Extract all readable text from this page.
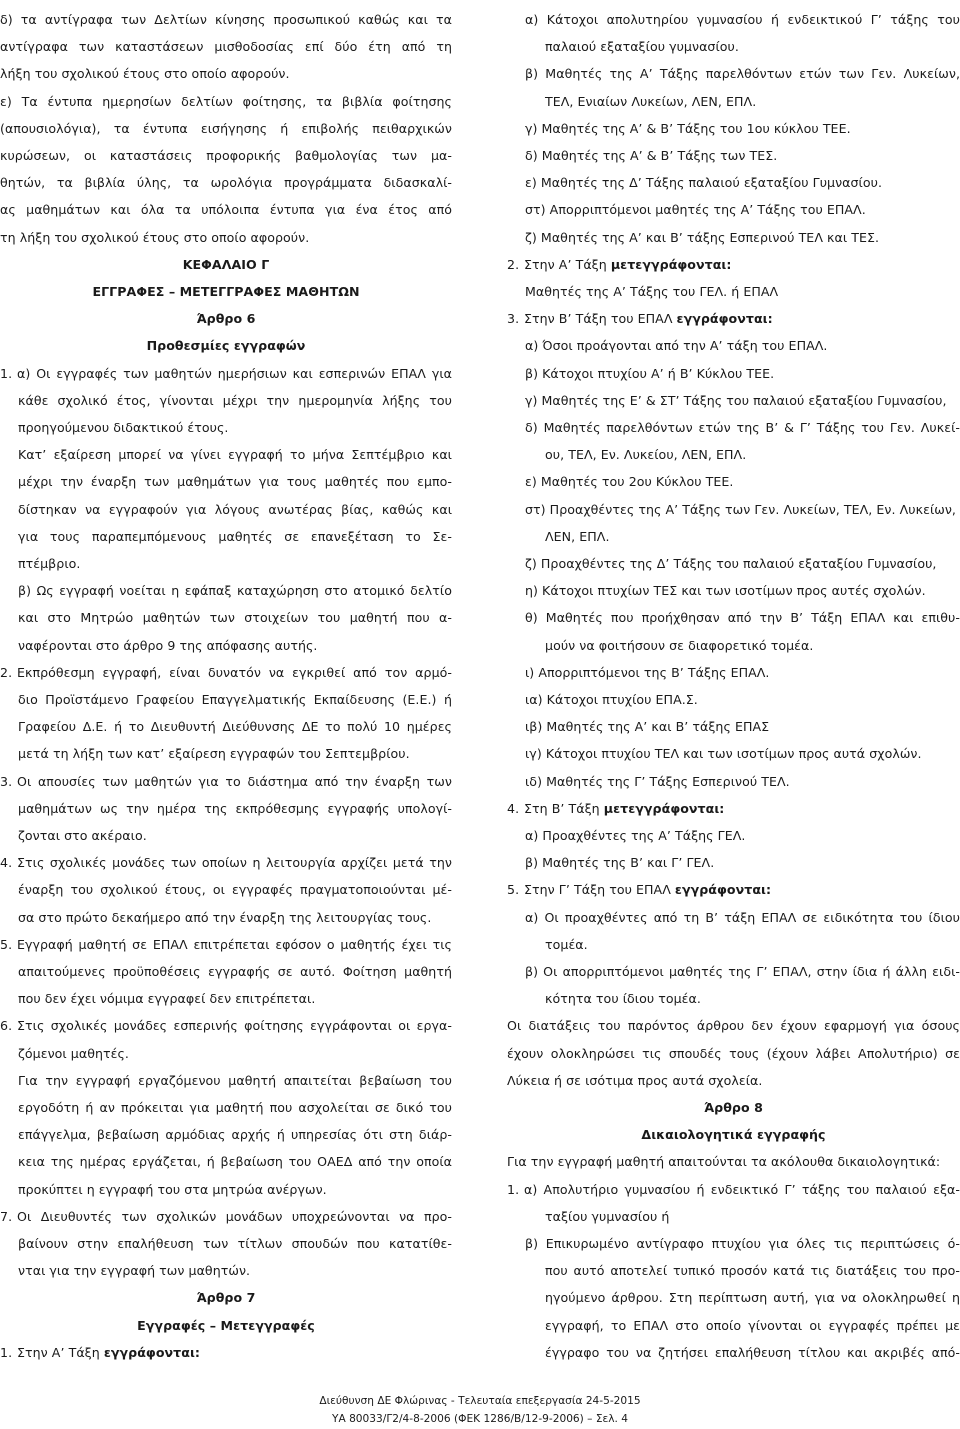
δ) τα αντίγραφα των Δελτίων κίνησης προσωπικού καθώς και τα
αντίγραφα των καταστάσεων μισθοδοσίας επί δύο έτη από τη
λήξη του σχολικού έτους στο οποίο αφορούν.
ε) Τα έντυπα ημερησίων δελτίων φοίτησης, τα βιβλία φοίτησης
(απουσιολόγια), τα έντυπα εισήγησης ή επιβολής πειθαρχικών
κυρώσεων, οι καταστάσεις προφορικής βαθμολογίας των μα-
θητών, τα βιβλία ύλης, τα ωρολόγια προγράμματα διδασκαλί-
ας μαθημάτων και όλα τα υπόλοιπα έντυπα για ένα έτος από
τη λήξη του σχολικού έτους στο οποίο αφορούν.
ΚΕΦΑΛΑΙΟ Γ
ΕΓΓΡΑΦΕΣ – ΜΕΤΕΓΓΡΑΦΕΣ ΜΑΘΗΤΩΝ
Άρθρο 6
Προθεσμίες εγγραφών
1. α) Οι εγγραφές των μαθητών ημερήσιων και εσπερινών ΕΠΑΛ για
κάθε σχολικό έτος, γίνονται μέχρι την ημερομηνία λήξης του
προηγούμενου διδακτικού έτους.
Κατ’ εξαίρεση μπορεί να γίνει εγγραφή το μήνα Σεπτέμβριο και
μέχρι την έναρξη των μαθημάτων για τους μαθητές που εμπο-
δίστηκαν να εγγραφούν για λόγους ανωτέρας βίας, καθώς και
για τους παραπεμπόμενους μαθητές σε επανεξέταση το Σε-
πτέμβριο.
β) Ως εγγραφή νοείται η εφάπαξ καταχώρηση στο ατομικό δελτίο
και στο Μητρώο μαθητών των στοιχείων του μαθητή που α-
ναφέρονται στο άρθρο 9 της απόφασης αυτής.
2. Εκπρόθεσμη εγγραφή, είναι δυνατόν να εγκριθεί από τον αρμό-
διο Προϊστάμενο Γραφείου Επαγγελματικής Εκπαίδευσης (Ε.Ε.) ή
Γραφείου Δ.Ε. ή το Διευθυντή Διεύθυνσης ΔΕ το πολύ 10 ημέρες
μετά τη λήξη των κατ’ εξαίρεση εγγραφών του Σεπτεμβρίου.
3. Οι απουσίες των μαθητών για το διάστημα από την έναρξη των
μαθημάτων ως την ημέρα της εκπρόθεσμης εγγραφής υπολογί-
ζονται στο ακέραιο.
4. Στις σχολικές μονάδες των οποίων η λειτουργία αρχίζει μετά την
έναρξη του σχολικού έτους, οι εγγραφές πραγματοποιούνται μέ-
σα στο πρώτο δεκαήμερο από την έναρξη της λειτουργίας τους.
5. Εγγραφή μαθητή σε ΕΠΑΛ επιτρέπεται εφόσον ο μαθητής έχει τις
απαιτούμενες προϋποθέσεις εγγραφής σε αυτό. Φοίτηση μαθητή
που δεν έχει νόμιμα εγγραφεί δεν επιτρέπεται.
6. Στις σχολικές μονάδες εσπερινής φοίτησης εγγράφονται οι εργα-
ζόμενοι μαθητές.
Για την εγγραφή εργαζόμενου μαθητή απαιτείται βεβαίωση του
εργοδότη ή αν πρόκειται για μαθητή που ασχολείται σε δικό του
επάγγελμα, βεβαίωση αρμόδιας αρχής ή υπηρεσίας ότι στη διάρ-
κεια της ημέρας εργάζεται, ή βεβαίωση του ΟΑΕΔ από την οποία
προκύπτει η εγγραφή του στα μητρώα ανέργων.
7. Οι Διευθυντές των σχολικών μονάδων υποχρεώνονται να προ-
βαίνουν στην επαλήθευση των τίτλων σπουδών που κατατίθε-
νται για την εγγραφή των μαθητών.
Άρθρο 7
Εγγραφές – Μετεγγραφές
1. Στην Α’ Τάξη εγγράφονται:
α) Κάτοχοι απολυτηρίου γυμνασίου ή ενδεικτικού Γ’ τάξης του
παλαιού εξαταξίου γυμνασίου.
β) Μαθητές της Α’ Τάξης παρελθόντων ετών των Γεν. Λυκείων,
ΤΕΛ, Ενιαίων Λυκείων, ΛΕΝ, ΕΠΛ.
γ) Μαθητές της Α’ & Β’ Τάξης του 1ου κύκλου ΤΕΕ.
δ) Μαθητές της Α’ & Β’ Τάξης των ΤΕΣ.
ε) Μαθητές της Δ’ Τάξης παλαιού εξαταξίου Γυμνασίου.
στ) Απορριπτόμενοι μαθητές της Α’ Τάξης του ΕΠΑΛ.
ζ) Μαθητές της Α’ και Β’ τάξης Εσπερινού ΤΕΛ και ΤΕΣ.
2. Στην Α’ Τάξη μετεγγράφονται:
Μαθητές της Α’ Τάξης του ΓΕΛ. ή ΕΠΑΛ
3. Στην Β’ Τάξη του ΕΠΑΛ εγγράφονται:
α) Όσοι προάγονται από την Α’ τάξη του ΕΠΑΛ.
β) Κάτοχοι πτυχίου Α’ ή Β’ Κύκλου ΤΕΕ.
γ) Μαθητές της Ε’ & ΣΤ’ Τάξης του παλαιού εξαταξίου Γυμνασίου,
δ) Μαθητές παρελθόντων ετών της Β’ & Γ’ Τάξης του Γεν. Λυκεί-
ου, ΤΕΛ, Εν. Λυκείου, ΛΕΝ, ΕΠΛ.
ε) Μαθητές του 2ου Κύκλου ΤΕΕ.
στ) Προαχθέντες της Α’ Τάξης των Γεν. Λυκείων, ΤΕΛ, Εν. Λυκείων,
ΛΕΝ, ΕΠΛ.
ζ) Προαχθέντες της Δ’ Τάξης του παλαιού εξαταξίου Γυμνασίου,
η) Κάτοχοι πτυχίων ΤΕΣ και των ισοτίμων προς αυτές σχολών.
θ) Μαθητές που προήχθησαν από την Β’ Τάξη ΕΠΑΛ και επιθυ-
μούν να φοιτήσουν σε διαφορετικό τομέα.
ι) Απορριπτόμενοι της Β’ Τάξης ΕΠΑΛ.
ια) Κάτοχοι πτυχίου ΕΠΑ.Σ.
ιβ) Μαθητές της Α’ και Β’ τάξης ΕΠΑΣ
ιγ) Κάτοχοι πτυχίου ΤΕΛ και των ισοτίμων προς αυτά σχολών.
ιδ) Μαθητές της Γ’ Τάξης Εσπερινού ΤΕΛ.
4. Στη Β’ Τάξη μετεγγράφονται:
α) Προαχθέντες της Α’ Τάξης ΓΕΛ.
β) Μαθητές της Β’ και Γ’ ΓΕΛ.
5. Στην Γ’ Τάξη του ΕΠΑΛ εγγράφονται:
α) Οι προαχθέντες από τη Β’ τάξη ΕΠΑΛ σε ειδικότητα του ίδιου
τομέα.
β) Οι απορριπτόμενοι μαθητές της Γ’ ΕΠΑΛ, στην ίδια ή άλλη ειδι-
κότητα του ίδιου τομέα.
Οι διατάξεις του παρόντος άρθρου δεν έχουν εφαρμογή για όσους
έχουν ολοκληρώσει τις σπουδές τους (έχουν λάβει Απολυτήριο) σε
Λύκεια ή σε ισότιμα προς αυτά σχολεία.
Άρθρο 8
Δικαιολογητικά εγγραφής
Για την εγγραφή μαθητή απαιτούνται τα ακόλουθα δικαιολογητικά:
1. α) Απολυτήριο γυμνασίου ή ενδεικτικό Γ’ τάξης του παλαιού εξα-
ταξίου γυμνασίου ή
β) Επικυρωμένο αντίγραφο πτυχίου για όλες τις περιπτώσεις ό-
που αυτό αποτελεί τυπικό προσόν κατά τις διατάξεις του προ-
ηγούμενο άρθρου. Στη περίπτωση αυτή, για να ολοκληρωθεί η
εγγραφή, το ΕΠΑΛ στο οποίο γίνονται οι εγγραφές πρέπει με
έγγραφο του να ζητήσει επαλήθευση τίτλου και ακριβές από-
Διεύθυνση ΔΕ Φλώρινας - Τελευταία επεξεργασία 24-5-2015
ΥΑ 80033/Γ2/4-8-2006 (ΦΕΚ 1286/Β/12-9-2006) – Σελ. 4
